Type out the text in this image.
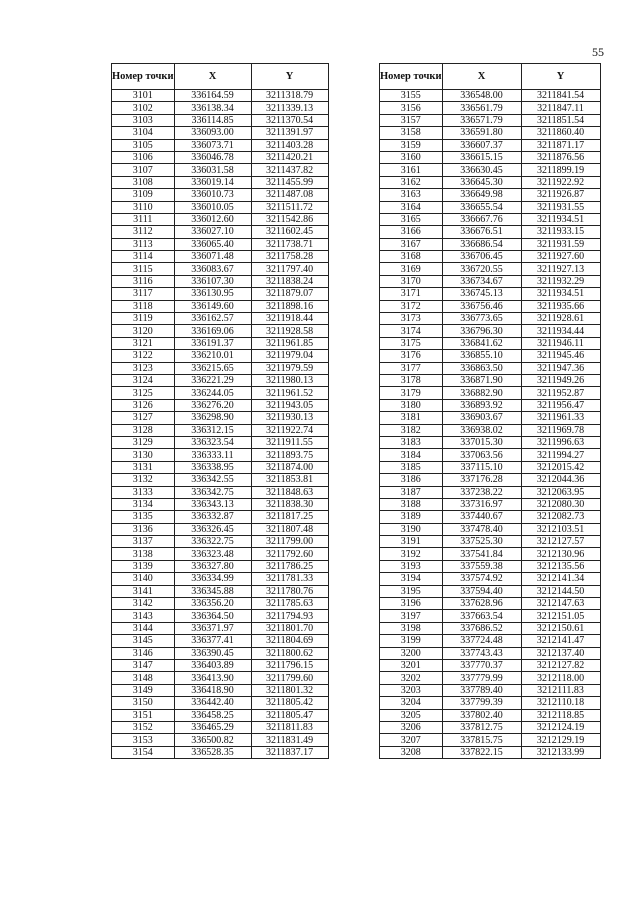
55
Номер точки	X	Y
3101	336164.59	3211318.79
3102	336138.34	3211339.13
3103	336114.85	3211370.54
3104	336093.00	3211391.97
3105	336073.71	3211403.28
3106	336046.78	3211420.21
3107	336031.58	3211437.82
3108	336019.14	3211455.99
3109	336010.73	3211487.08
3110	336010.05	3211511.72
3111	336012.60	3211542.86
3112	336027.10	3211602.45
3113	336065.40	3211738.71
3114	336071.48	3211758.28
3115	336083.67	3211797.40
3116	336107.30	3211838.24
3117	336130.95	3211879.07
3118	336149.60	3211898.16
3119	336162.57	3211918.44
3120	336169.06	3211928.58
3121	336191.37	3211961.85
3122	336210.01	3211979.04
3123	336215.65	3211979.59
3124	336221.29	3211980.13
3125	336244.05	3211961.52
3126	336276.20	3211943.05
3127	336298.90	3211930.13
3128	336312.15	3211922.74
3129	336323.54	3211911.55
3130	336333.11	3211893.75
3131	336338.95	3211874.00
3132	336342.55	3211853.81
3133	336342.75	3211848.63
3134	336343.13	3211838.30
3135	336332.87	3211817.25
3136	336326.45	3211807.48
3137	336322.75	3211799.00
3138	336323.48	3211792.60
3139	336327.80	3211786.25
3140	336334.99	3211781.33
3141	336345.88	3211780.76
3142	336356.20	3211785.63
3143	336364.50	3211794.93
3144	336371.97	3211801.70
3145	336377.41	3211804.69
3146	336390.45	3211800.62
3147	336403.89	3211796.15
3148	336413.90	3211799.60
3149	336418.90	3211801.32
3150	336442.40	3211805.42
3151	336458.25	3211805.47
3152	336465.29	3211811.83
3153	336500.82	3211831.49
3154	336528.35	3211837.17
Номер точки	X	Y
3155	336548.00	3211841.54
3156	336561.79	3211847.11
3157	336571.79	3211851.54
3158	336591.80	3211860.40
3159	336607.37	3211871.17
3160	336615.15	3211876.56
3161	336630.45	3211899.19
3162	336645.30	3211922.92
3163	336649.98	3211926.87
3164	336655.54	3211931.55
3165	336667.76	3211934.51
3166	336676.51	3211933.15
3167	336686.54	3211931.59
3168	336706.45	3211927.60
3169	336720.55	3211927.13
3170	336734.67	3211932.29
3171	336745.13	3211934.51
3172	336756.46	3211935.66
3173	336773.65	3211928.61
3174	336796.30	3211934.44
3175	336841.62	3211946.11
3176	336855.10	3211945.46
3177	336863.50	3211947.36
3178	336871.90	3211949.26
3179	336882.90	3211952.87
3180	336893.92	3211956.47
3181	336903.67	3211961.33
3182	336938.02	3211969.78
3183	337015.30	3211996.63
3184	337063.56	3211994.27
3185	337115.10	3212015.42
3186	337176.28	3212044.36
3187	337238.22	3212063.95
3188	337316.97	3212080.30
3189	337440.67	3212082.73
3190	337478.40	3212103.51
3191	337525.30	3212127.57
3192	337541.84	3212130.96
3193	337559.38	3212135.56
3194	337574.92	3212141.34
3195	337594.40	3212144.50
3196	337628.96	3212147.63
3197	337663.54	3212151.05
3198	337686.52	3212150.61
3199	337724.48	3212141.47
3200	337743.43	3212137.40
3201	337770.37	3212127.82
3202	337779.99	3212118.00
3203	337789.40	3212111.83
3204	337799.39	3212110.18
3205	337802.40	3212118.85
3206	337812.75	3212124.19
3207	337815.75	3212129.19
3208	337822.15	3212133.99
